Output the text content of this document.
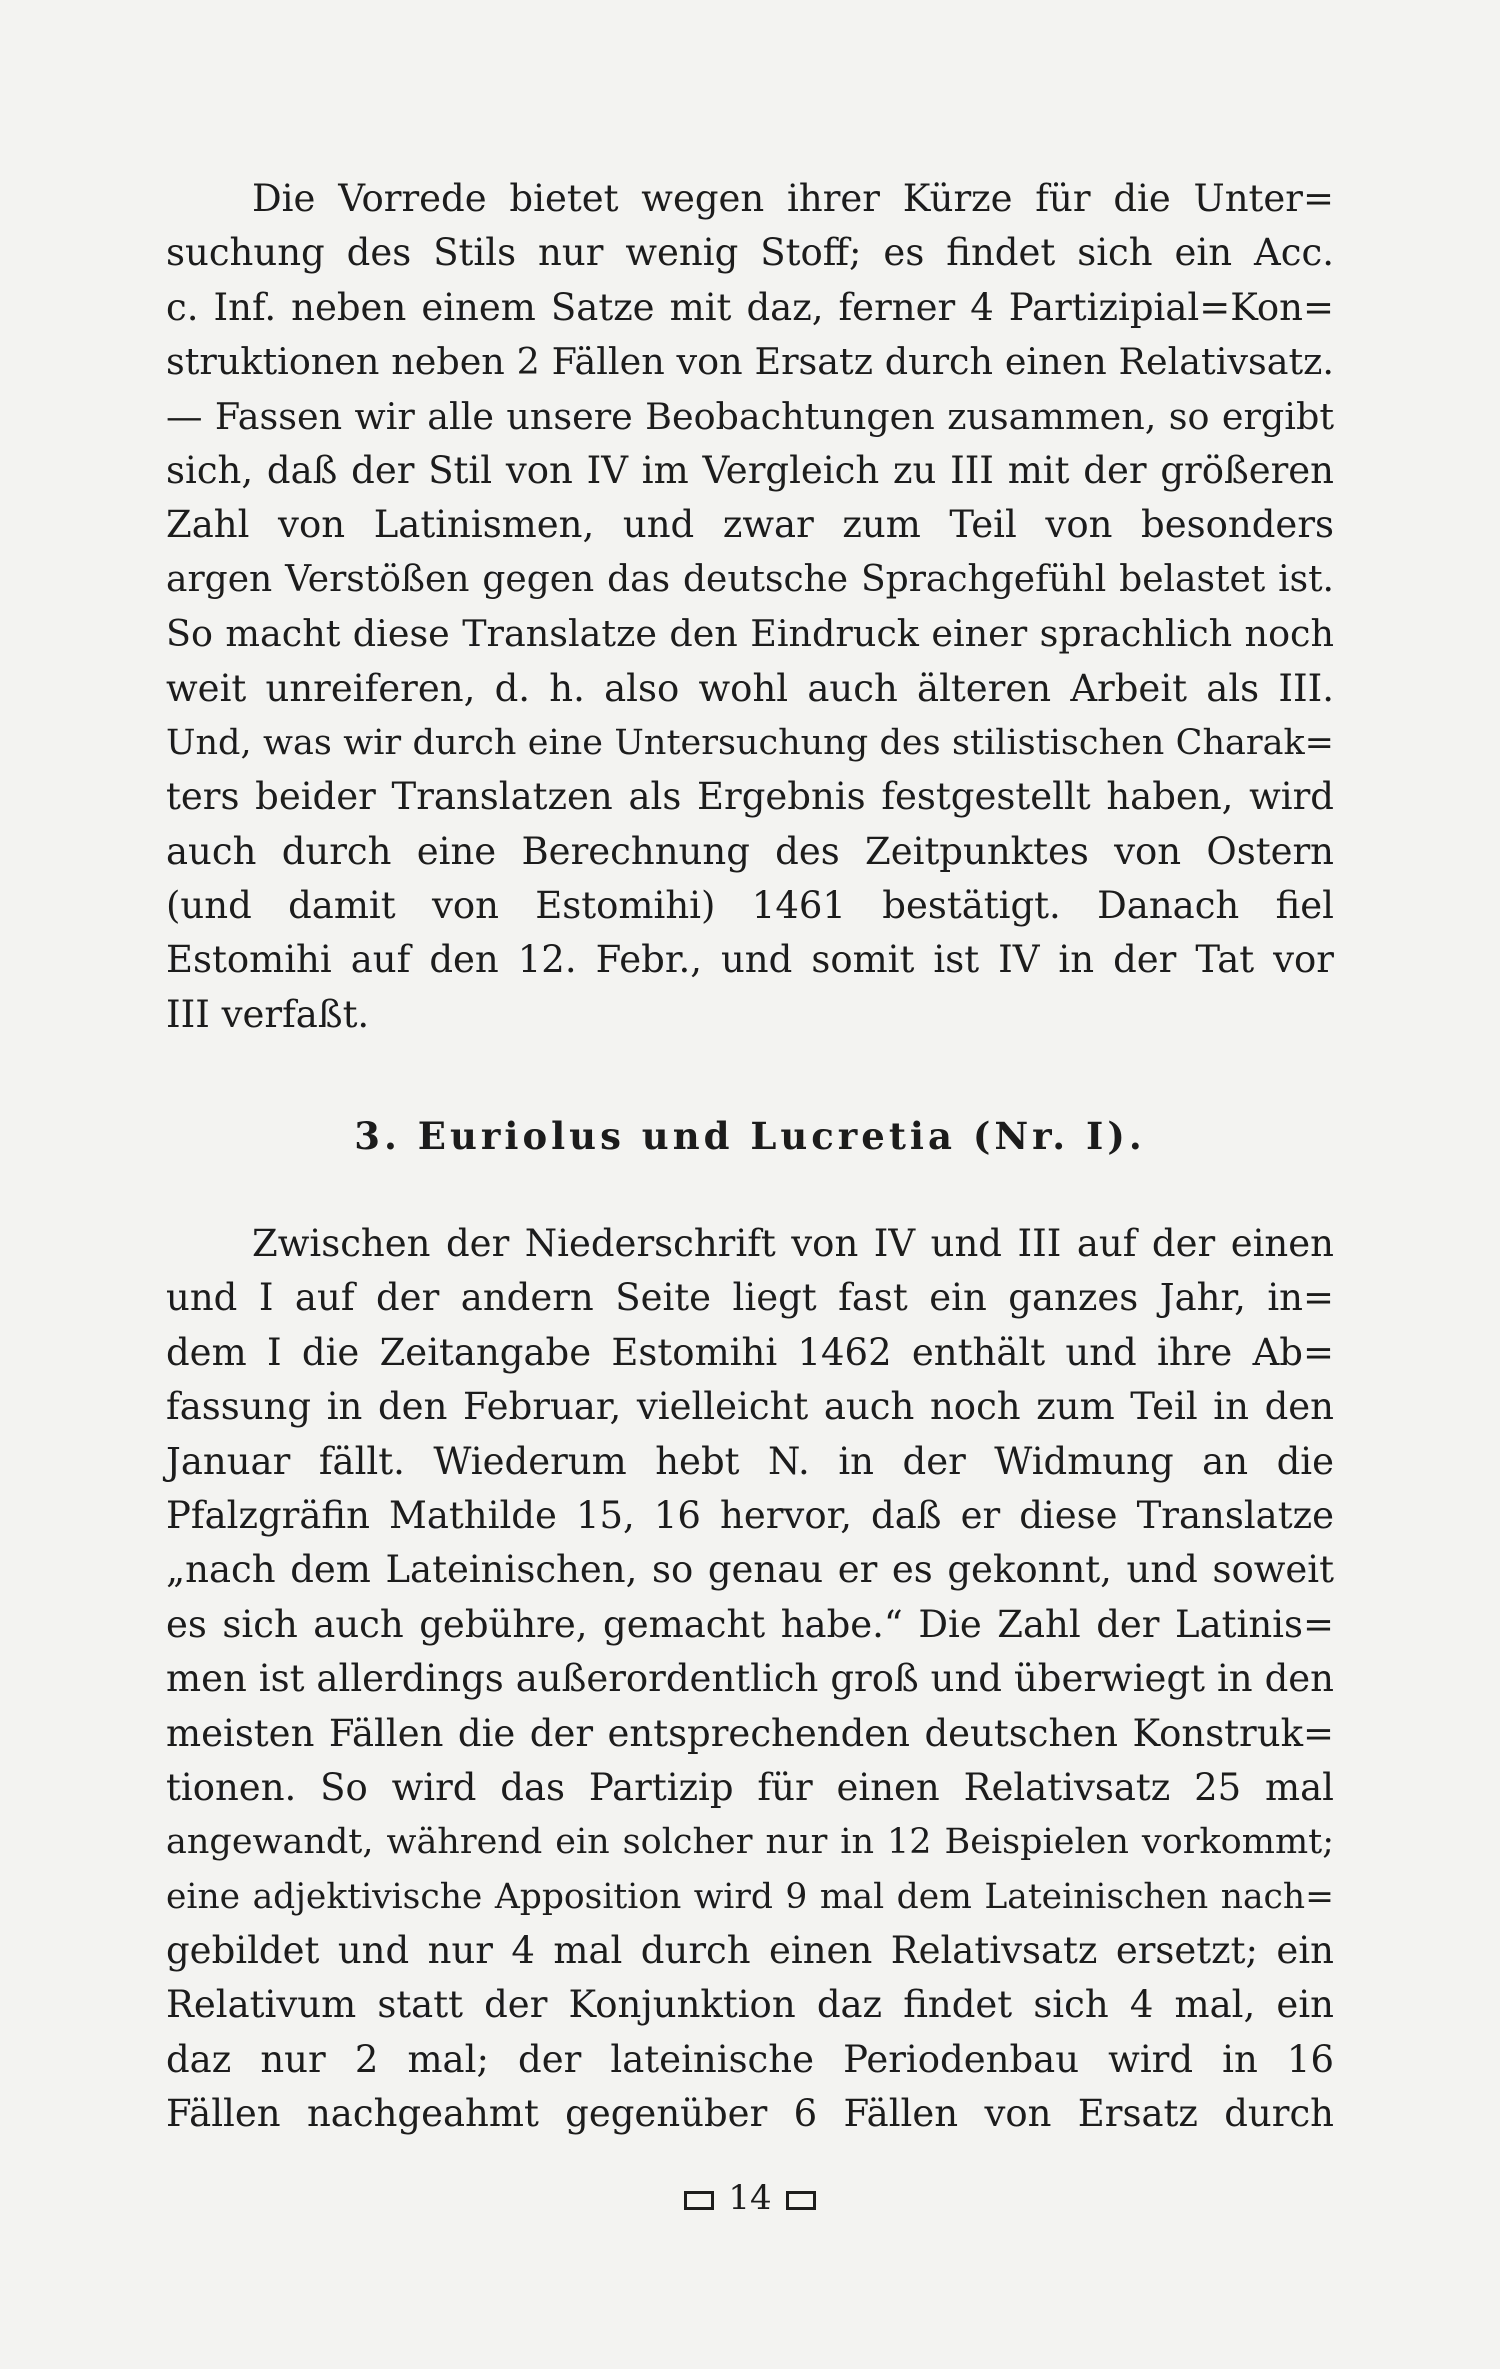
Die Vorrede bietet wegen ihrer Kürze für die Unter=
suchung des Stils nur wenig Stoff; es findet sich ein Acc.
c. Inf. neben einem Satze mit daz, ferner 4 Partizipial=Kon=
struktionen neben 2 Fällen von Ersatz durch einen Relativsatz.
— Fassen wir alle unsere Beobachtungen zusammen, so ergibt
sich, daß der Stil von IV im Vergleich zu III mit der größeren
Zahl von Latinismen, und zwar zum Teil von besonders
argen Verstößen gegen das deutsche Sprachgefühl belastet ist.
So macht diese Translatze den Eindruck einer sprachlich noch
weit unreiferen, d. h. also wohl auch älteren Arbeit als III.
Und, was wir durch eine Untersuchung des stilistischen Charak=
ters beider Translatzen als Ergebnis festgestellt haben, wird
auch durch eine Berechnung des Zeitpunktes von Ostern
(und damit von Estomihi) 1461 bestätigt. Danach fiel
Estomihi auf den 12. Febr., und somit ist IV in der Tat vor
III verfaßt.
3. Euriolus und Lucretia (Nr. I).
Zwischen der Niederschrift von IV und III auf der einen
und I auf der andern Seite liegt fast ein ganzes Jahr, in=
dem I die Zeitangabe Estomihi 1462 enthält und ihre Ab=
fassung in den Februar, vielleicht auch noch zum Teil in den
Januar fällt. Wiederum hebt N. in der Widmung an die
Pfalzgräfin Mathilde 15, 16 hervor, daß er diese Translatze
„nach dem Lateinischen, so genau er es gekonnt, und soweit
es sich auch gebühre, gemacht habe.“ Die Zahl der Latinis=
men ist allerdings außerordentlich groß und überwiegt in den
meisten Fällen die der entsprechenden deutschen Konstruk=
tionen. So wird das Partizip für einen Relativsatz 25 mal
angewandt, während ein solcher nur in 12 Beispielen vorkommt;
eine adjektivische Apposition wird 9 mal dem Lateinischen nach=
gebildet und nur 4 mal durch einen Relativsatz ersetzt; ein
Relativum statt der Konjunktion daz findet sich 4 mal, ein
daz nur 2 mal; der lateinische Periodenbau wird in 16
Fällen nachgeahmt gegenüber 6 Fällen von Ersatz durch
14
